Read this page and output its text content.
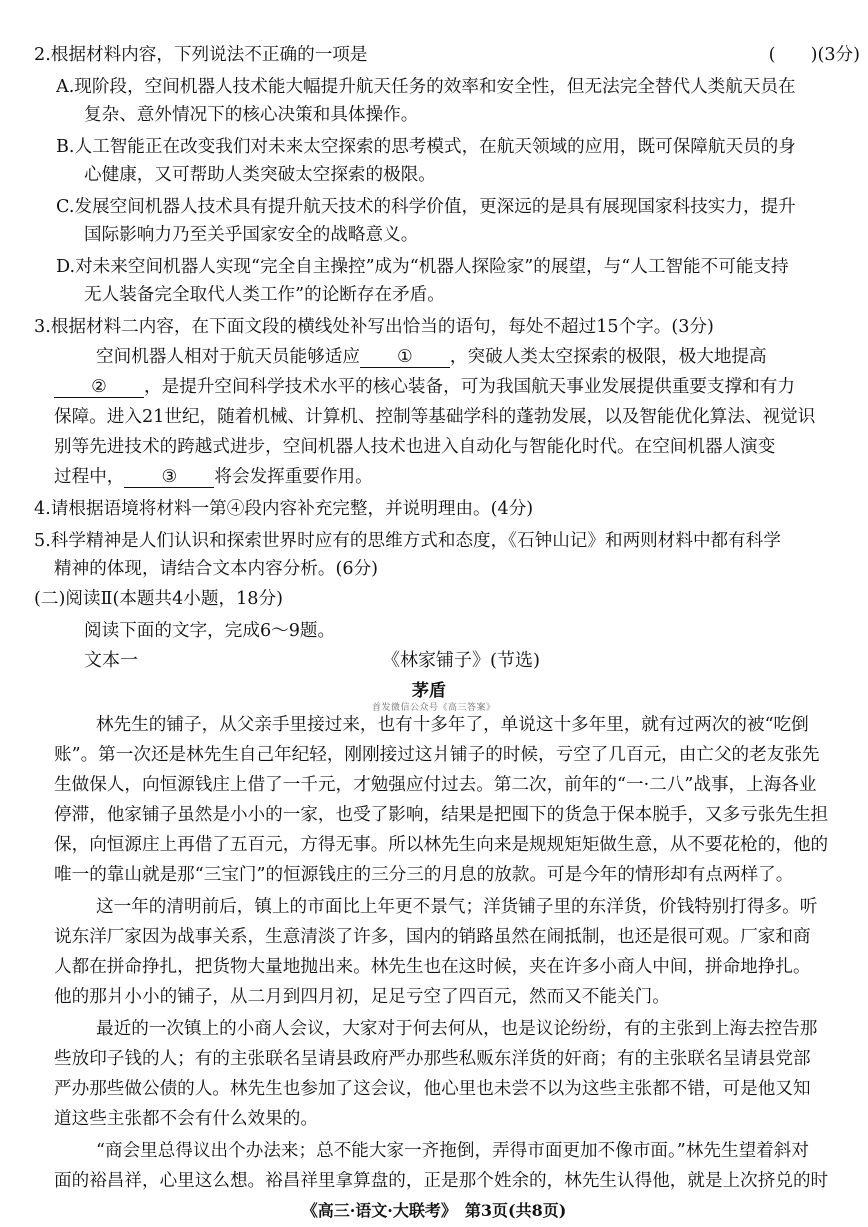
2.根据材料内容，下列说法不正确的一项是	(　　)(3分)
A.现阶段，空间机器人技术能大幅提升航天任务的效率和安全性，但无法完全替代人类航天员在
复杂、意外情况下的核心决策和具体操作。
B.人工智能正在改变我们对未来太空探索的思考模式，在航天领域的应用，既可保障航天员的身
心健康，又可帮助人类突破太空探索的极限。
C.发展空间机器人技术具有提升航天技术的科学价值，更深远的是具有展现国家科技实力，提升
国际影响力乃至关乎国家安全的战略意义。
D.对未来空间机器人实现“完全自主操控”成为“机器人探险家”的展望，与“人工智能不可能支持
无人装备完全取代人类工作”的论断存在矛盾。
3.根据材料二内容，在下面文段的横线处补写出恰当的语句，每处不超过15个字。(3分)
空间机器人相对于航天员能够适应 ① ，突破人类太空探索的极限，极大地提高
② ，是提升空间科学技术水平的核心装备，可为我国航天事业发展提供重要支撑和有力
保障。进入21世纪，随着机械、计算机、控制等基础学科的蓬勃发展，以及智能优化算法、视觉识
别等先进技术的跨越式进步，空间机器人技术也进入自动化与智能化时代。在空间机器人演变
过程中， ③ 将会发挥重要作用。
4.请根据语境将材料一第④段内容补充完整，并说明理由。(4分)
5.科学精神是人们认识和探索世界时应有的思维方式和态度，《石钟山记》和两则材料中都有科学
精神的体现，请结合文本内容分析。(6分)
(二)阅读Ⅱ(本题共4小题，18分)
阅读下面的文字，完成6～9题。
文本一	《林家铺子》(节选)
茅盾
首发微信公众号《高三答案》
林先生的铺子，从父亲手里接过来，也有十多年了，单说这十多年里，就有过两次的被“吃倒
账”。第一次还是林先生自己年纪轻，刚刚接过这爿铺子的时候，亏空了几百元，由亡父的老友张先
生做保人，向恒源钱庄上借了一千元，才勉强应付过去。第二次，前年的“一·二八”战事，上海各业
停滞，他家铺子虽然是小小的一家，也受了影响，结果是把囤下的货急于保本脱手，又多亏张先生担
保，向恒源庄上再借了五百元，方得无事。所以林先生向来是规规矩矩做生意，从不要花枪的，他的
唯一的靠山就是那“三宝门”的恒源钱庄的三分三的月息的放款。可是今年的情形却有点两样了。
这一年的清明前后，镇上的市面比上年更不景气；洋货铺子里的东洋货，价钱特别打得多。听
说东洋厂家因为战事关系，生意清淡了许多，国内的销路虽然在闹抵制，也还是很可观。厂家和商
人都在拼命挣扎，把货物大量地抛出来。林先生也在这时候，夹在许多小商人中间，拼命地挣扎。
他的那爿小小的铺子，从二月到四月初，足足亏空了四百元，然而又不能关门。
最近的一次镇上的小商人会议，大家对于何去何从，也是议论纷纷，有的主张到上海去控告那
些放印子钱的人；有的主张联名呈请县政府严办那些私贩东洋货的奸商；有的主张联名呈请县党部
严办那些做公债的人。林先生也参加了这会议，他心里也未尝不以为这些主张都不错，可是他又知
道这些主张都不会有什么效果的。
“商会里总得议出个办法来；总不能大家一齐拖倒，弄得市面更加不像市面。”林先生望着斜对
面的裕昌祥，心里这么想。裕昌祥里拿算盘的，正是那个姓余的，林先生认得他，就是上次挤兑的时
《高三·语文·大联考》　第3页(共8页)
